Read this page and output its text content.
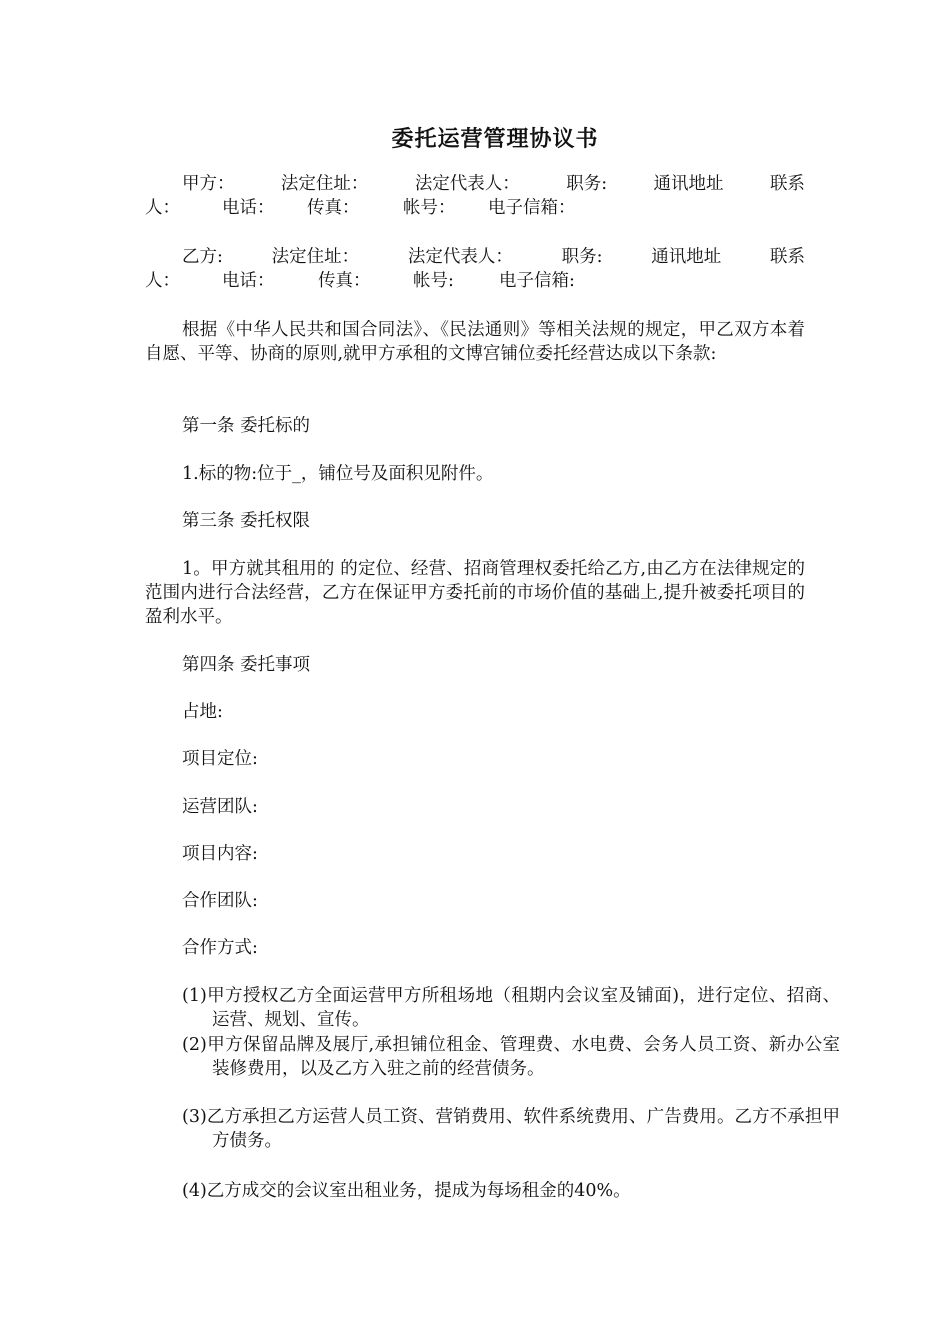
委托运营管理协议书
甲方：	法定住址：	法定代表人：	职务:	通讯地址	联系
人：	电话：	传真：	帐号：	电子信箱：
乙方:	法定住址：	法定代表人：	职务:	通讯地址	联系
人：	电话：	传真：	帐号:	电子信箱:
根据《中华人民共和国合同法》、《民法通则》等相关法规的规定，甲乙双方本着自愿、平等、协商的原则,就甲方承租的文博宫铺位委托经营达成以下条款:
第一条 委托标的
1.标的物:位于_，铺位号及面积见附件。
第三条 委托权限
1。甲方就其租用的 的定位、经营、招商管理权委托给乙方,由乙方在法律规定的范围内进行合法经营，乙方在保证甲方委托前的市场价值的基础上,提升被委托项目的盈利水平。
第四条 委托事项
占地:
项目定位:
运营团队:
项目内容:
合作团队:
合作方式:
(1)甲方授权乙方全面运营甲方所租场地（租期内会议室及铺面)，进行定位、招商、运营、规划、宣传。
(2)甲方保留品牌及展厅,承担铺位租金、管理费、水电费、会务人员工资、新办公室装修费用，以及乙方入驻之前的经营债务。
(3)乙方承担乙方运营人员工资、营销费用、软件系统费用、广告费用。乙方不承担甲方债务。
(4)乙方成交的会议室出租业务，提成为每场租金的40%。
